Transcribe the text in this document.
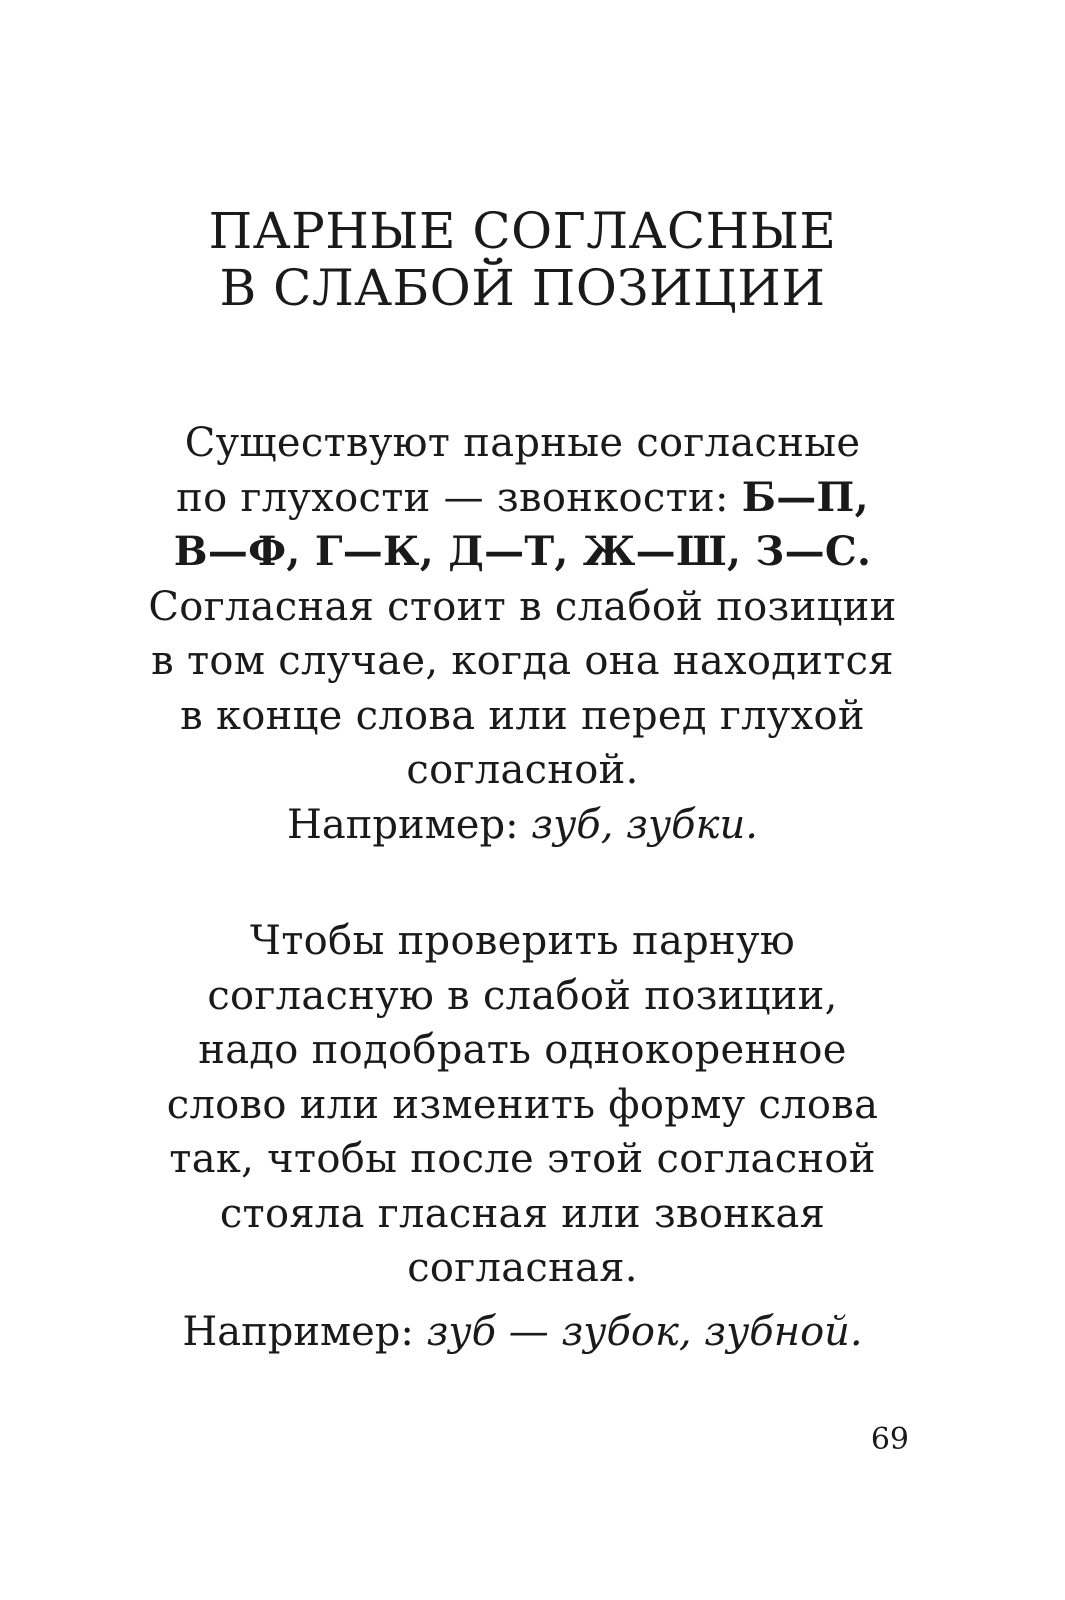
ПАРНЫЕ СОГЛАСНЫЕ
В СЛАБОЙ ПОЗИЦИИ
Существуют парные согласные
по глухости — звонкости: Б—П,
В—Ф, Г—К, Д—Т, Ж—Ш, З—С.
Согласная стоит в слабой позиции
в том случае, когда она находится
в конце слова или перед глухой
согласной.
Например: зуб, зубки.
Чтобы проверить парную
согласную в слабой позиции,
надо подобрать однокоренное
слово или изменить форму слова
так, чтобы после этой согласной
стояла гласная или звонкая
согласная.
Например: зуб — зубок, зубной.
69
